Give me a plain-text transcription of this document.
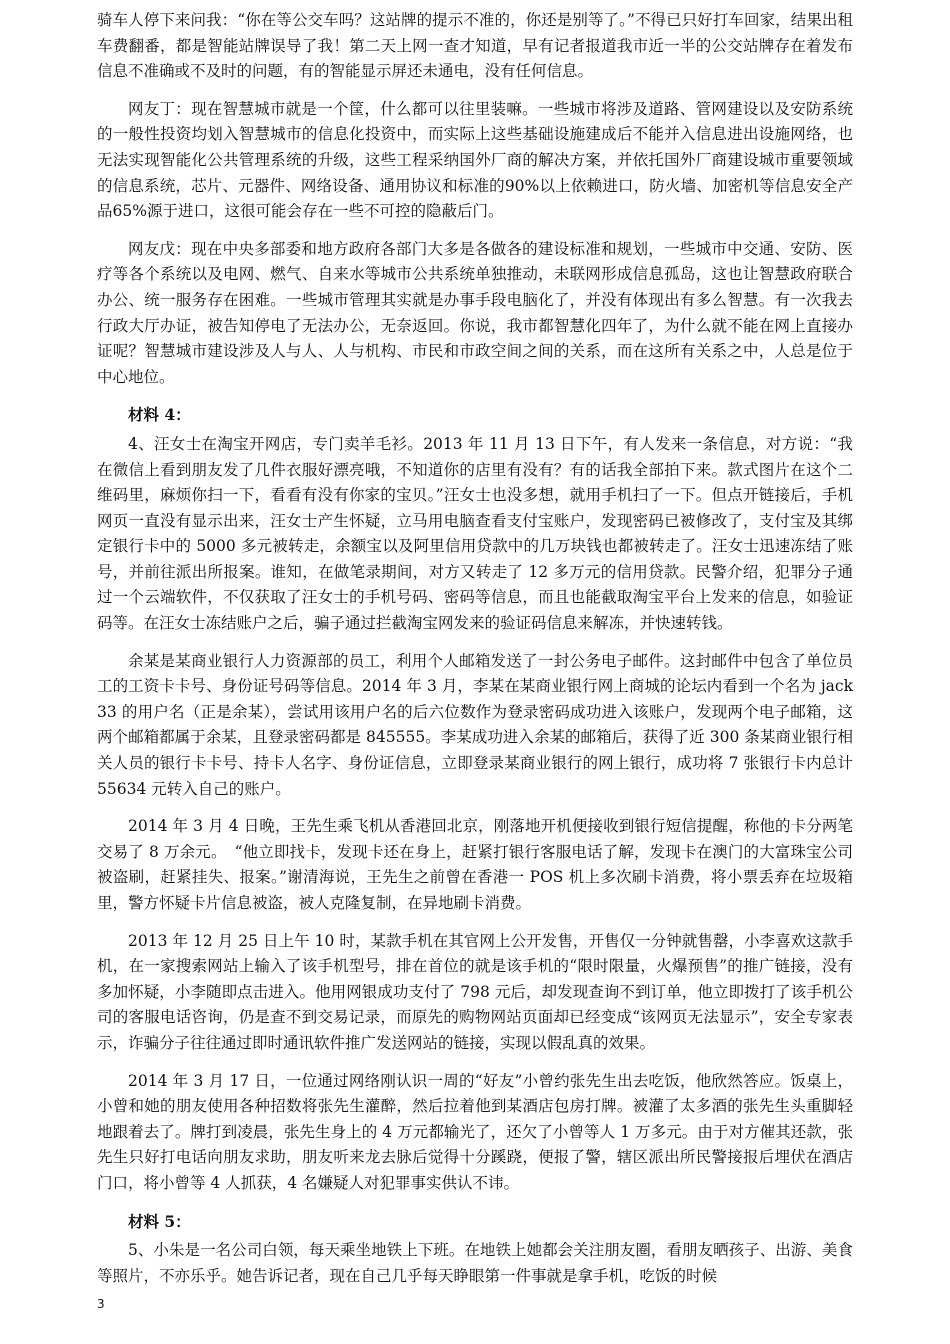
骑车人停下来问我：“你在等公交车吗？这站牌的提示不准的，你还是别等了。”不得已只好打车回家，结果出租车费翻番，都是智能站牌误导了我！第二天上网一查才知道，早有记者报道我市近一半的公交站牌存在着发布信息不准确或不及时的问题，有的智能显示屏还未通电，没有任何信息。

网友丁：现在智慧城市就是一个筐，什么都可以往里装嘛。一些城市将涉及道路、管网建设以及安防系统的一般性投资均划入智慧城市的信息化投资中，而实际上这些基础设施建成后不能并入信息进出设施网络，也无法实现智能化公共管理系统的升级，这些工程采纳国外厂商的解决方案，并依托国外厂商建设城市重要领域的信息系统，芯片、元器件、网络设备、通用协议和标准的90%以上依赖进口，防火墙、加密机等信息安全产品65%源于进口，这很可能会存在一些不可控的隐蔽后门。

网友戊：现在中央多部委和地方政府各部门大多是各做各的建设标准和规划，一些城市中交通、安防、医疗等各个系统以及电网、燃气、自来水等城市公共系统单独推动，未联网形成信息孤岛，这也让智慧政府联合办公、统一服务存在困难。一些城市管理其实就是办事手段电脑化了，并没有体现出有多么智慧。有一次我去行政大厅办证，被告知停电了无法办公，无奈返回。你说，我市都智慧化四年了，为什么就不能在网上直接办证呢？智慧城市建设涉及人与人、人与机构、市民和市政空间之间的关系，而在这所有关系之中，人总是位于中心地位。

材料 4：

4、汪女士在淘宝开网店，专门卖羊毛衫。2013 年 11 月 13 日下午，有人发来一条信息，对方说：“我在微信上看到朋友发了几件衣服好漂亮哦，不知道你的店里有没有？有的话我全部拍下来。款式图片在这个二维码里，麻烦你扫一下，看看有没有你家的宝贝。”汪女士也没多想，就用手机扫了一下。但点开链接后，手机网页一直没有显示出来，汪女士产生怀疑，立马用电脑查看支付宝账户，发现密码已被修改了，支付宝及其绑定银行卡中的 5000 多元被转走，余额宝以及阿里信用贷款中的几万块钱也都被转走了。汪女士迅速冻结了账号，并前往派出所报案。谁知，在做笔录期间，对方又转走了 12 多万元的信用贷款。民警介绍，犯罪分子通过一个云端软件，不仅获取了汪女士的手机号码、密码等信息，而且也能截取淘宝平台上发来的信息，如验证码等。在汪女士冻结账户之后，骗子通过拦截淘宝网发来的验证码信息来解冻，并快速转钱。

余某是某商业银行人力资源部的员工，利用个人邮箱发送了一封公务电子邮件。这封邮件中包含了单位员工的工资卡卡号、身份证号码等信息。2014 年 3 月，李某在某商业银行网上商城的论坛内看到一个名为 jack33 的用户名（正是余某），尝试用该用户名的后六位数作为登录密码成功进入该账户，发现两个电子邮箱，这两个邮箱都属于余某，且登录密码都是 845555。李某成功进入余某的邮箱后，获得了近 300 条某商业银行相关人员的银行卡卡号、持卡人名字、身份证信息，立即登录某商业银行的网上银行，成功将 7 张银行卡内总计 55634 元转入自己的账户。

2014 年 3 月 4 日晚，王先生乘飞机从香港回北京，刚落地开机便接收到银行短信提醒，称他的卡分两笔交易了 8 万余元。　“他立即找卡，发现卡还在身上，赶紧打银行客服电话了解，发现卡在澳门的大富珠宝公司被盗刷，赶紧挂失、报案。”谢清海说，王先生之前曾在香港一 POS 机上多次刷卡消费，将小票丢弃在垃圾箱里，警方怀疑卡片信息被盗，被人克隆复制，在异地刷卡消费。

2013 年 12 月 25 日上午 10 时，某款手机在其官网上公开发售，开售仅一分钟就售罄，小李喜欢这款手机，在一家搜索网站上输入了该手机型号，排在首位的就是该手机的“限时限量，火爆预售”的推广链接，没有多加怀疑，小李随即点击进入。他用网银成功支付了 798 元后，却发现查询不到订单，他立即拨打了该手机公司的客服电话咨询，仍是查不到交易记录，而原先的购物网站页面却已经变成“该网页无法显示”，安全专家表示，诈骗分子往往通过即时通讯软件推广发送网站的链接，实现以假乱真的效果。

2014 年 3 月 17 日，一位通过网络刚认识一周的“好友”小曾约张先生出去吃饭，他欣然答应。饭桌上，小曾和她的朋友使用各种招数将张先生灌醉，然后拉着他到某酒店包房打牌。被灌了太多酒的张先生头重脚轻地跟着去了。牌打到凌晨，张先生身上的 4 万元都输光了，还欠了小曾等人 1 万多元。由于对方催其还款，张先生只好打电话向朋友求助，朋友听来龙去脉后觉得十分蹊跷，便报了警，辖区派出所民警接报后埋伏在酒店门口，将小曾等 4 人抓获，4 名嫌疑人对犯罪事实供认不讳。

材料 5：

5、小朱是一名公司白领，每天乘坐地铁上下班。在地铁上她都会关注朋友圈，看朋友晒孩子、出游、美食等照片，不亦乐乎。她告诉记者，现在自己几乎每天睁眼第一件事就是拿手机，吃饭的时候

3
